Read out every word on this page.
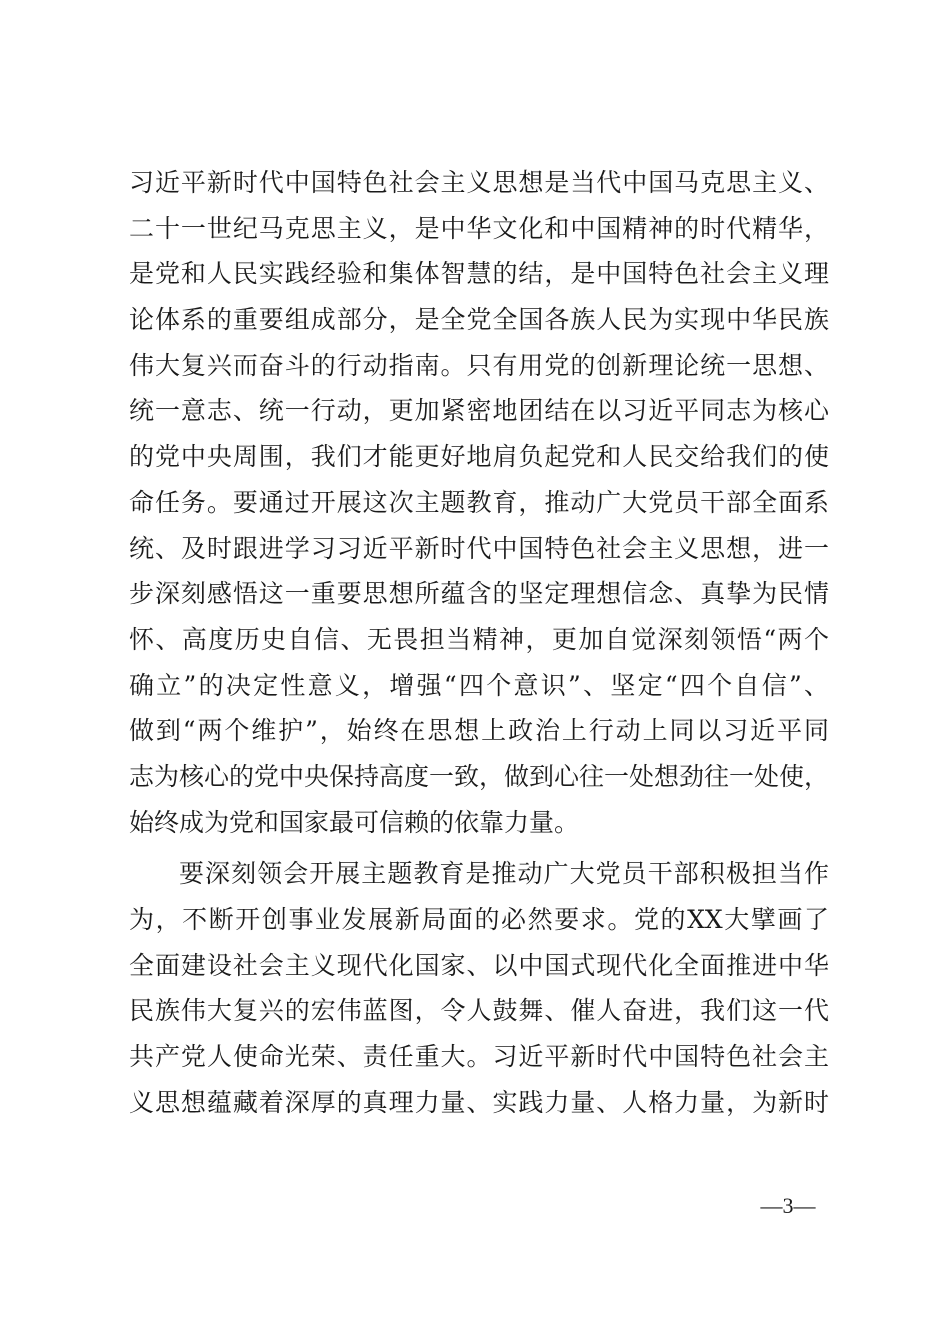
习近平新时代中国特色社会主义思想是当代中国马克思主义、
二十一世纪马克思主义，是中华文化和中国精神的时代精华，
是党和人民实践经验和集体智慧的结，是中国特色社会主义理
论体系的重要组成部分，是全党全国各族人民为实现中华民族
伟大复兴而奋斗的行动指南。只有用党的创新理论统一思想、
统一意志、统一行动，更加紧密地团结在以习近平同志为核心
的党中央周围，我们才能更好地肩负起党和人民交给我们的使
命任务。要通过开展这次主题教育，推动广大党员干部全面系
统、及时跟进学习习近平新时代中国特色社会主义思想，进一
步深刻感悟这一重要思想所蕴含的坚定理想信念、真挚为民情
怀、高度历史自信、无畏担当精神，更加自觉深刻领悟“两个
确立”的决定性意义，增强“四个意识”、坚定“四个自信”、
做到“两个维护”，始终在思想上政治上行动上同以习近平同
志为核心的党中央保持高度一致，做到心往一处想劲往一处使，
始终成为党和国家最可信赖的依靠力量。
要深刻领会开展主题教育是推动广大党员干部积极担当作
为，不断开创事业发展新局面的必然要求。党的XX大擘画了
全面建设社会主义现代化国家、以中国式现代化全面推进中华
民族伟大复兴的宏伟蓝图，令人鼓舞、催人奋进，我们这一代
共产党人使命光荣、责任重大。习近平新时代中国特色社会主
义思想蕴藏着深厚的真理力量、实践力量、人格力量，为新时
—3—
